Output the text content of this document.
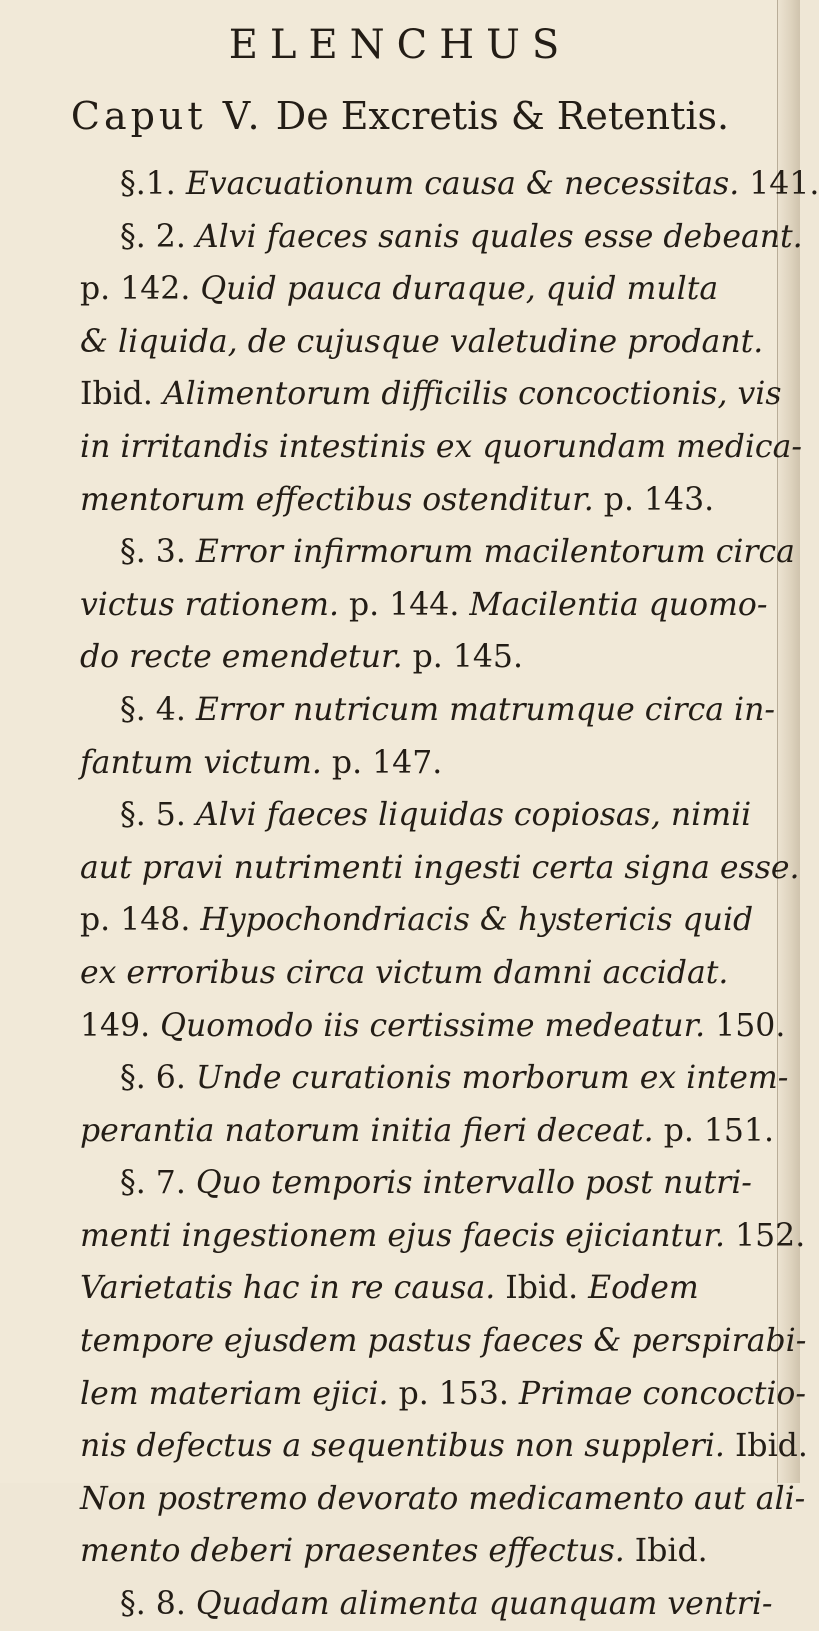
ELENCHUS
Caput V. De Excretis & Retentis.
§.1. Evacuationum causa & necessitas. 141.
§. 2. Alvi faeces sanis quales esse debeant.
p. 142. Quid pauca duraque, quid multa
& liquida, de cujusque valetudine prodant.
Ibid. Alimentorum difficilis concoctionis, vis
in irritandis intestinis ex quorundam medica-
mentorum effectibus ostenditur. p. 143.
§. 3. Error infirmorum macilentorum circa
victus rationem. p. 144. Macilentia quomo-
do recte emendetur. p. 145.
§. 4. Error nutricum matrumque circa in-
fantum victum. p. 147.
§. 5. Alvi faeces liquidas copiosas, nimii
aut pravi nutrimenti ingesti certa signa esse.
p. 148. Hypochondriacis & hystericis quid
ex erroribus circa victum damni accidat.
149. Quomodo iis certissime medeatur. 150.
§. 6. Unde curationis morborum ex intem-
perantia natorum initia fieri deceat. p. 151.
§. 7. Quo temporis intervallo post nutri-
menti ingestionem ejus faecis ejiciantur. 152.
Varietatis hac in re causa. Ibid. Eodem
tempore ejusdem pastus faeces & perspirabi-
lem materiam ejici. p. 153. Primae concoctio-
nis defectus a sequentibus non suppleri. Ibid.
Non postremo devorato medicamento aut ali-
mento deberi praesentes effectus. Ibid.
§. 8. Quadam alimenta quanquam ventri-
